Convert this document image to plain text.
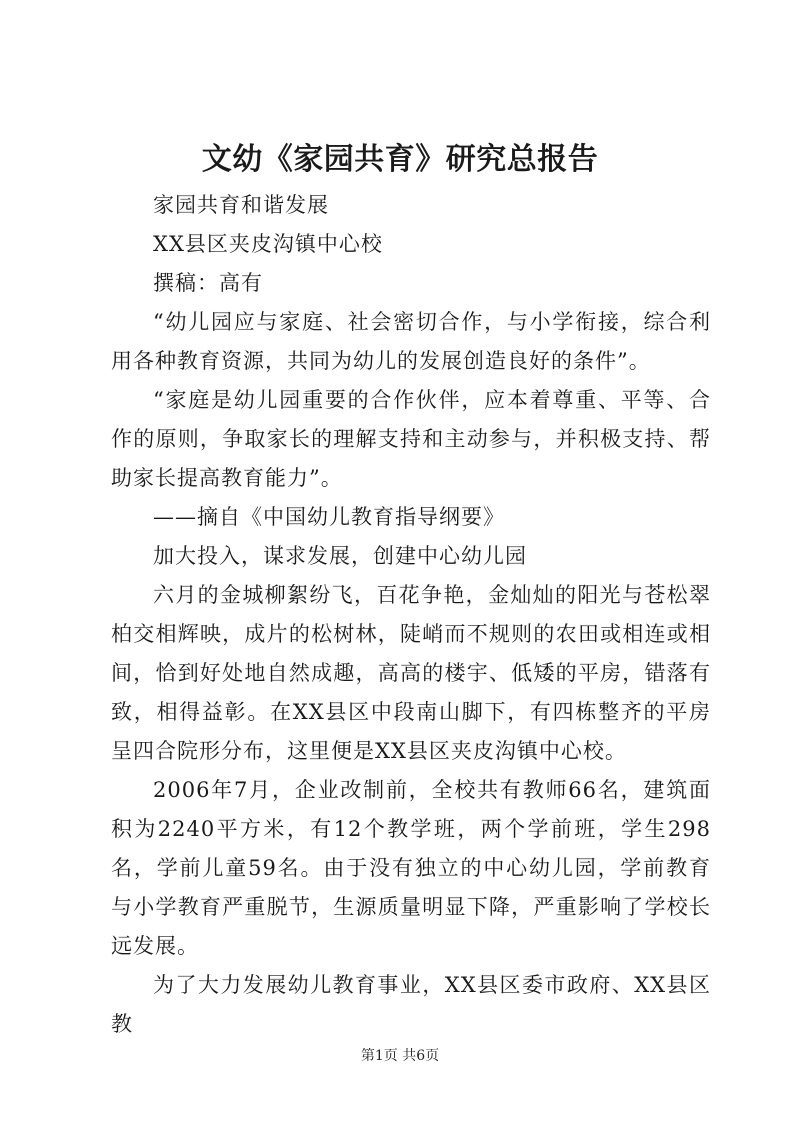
文幼《家园共育》研究总报告

家园共育和谐发展

XX县区夹皮沟镇中心校

撰稿：高有

“幼儿园应与家庭、社会密切合作，与小学衔接，综合利用各种教育资源，共同为幼儿的发展创造良好的条件”。

“家庭是幼儿园重要的合作伙伴，应本着尊重、平等、合作的原则，争取家长的理解支持和主动参与，并积极支持、帮助家长提高教育能力”。

——摘自《中国幼儿教育指导纲要》

加大投入，谋求发展，创建中心幼儿园

六月的金城柳絮纷飞，百花争艳，金灿灿的阳光与苍松翠柏交相辉映，成片的松树林，陡峭而不规则的农田或相连或相间，恰到好处地自然成趣，高高的楼宇、低矮的平房，错落有致，相得益彰。在XX县区中段南山脚下，有四栋整齐的平房呈四合院形分布，这里便是XX县区夹皮沟镇中心校。

2006年7月，企业改制前，全校共有教师66名，建筑面积为2240平方米，有12个教学班，两个学前班，学生298名，学前儿童59名。由于没有独立的中心幼儿园，学前教育与小学教育严重脱节，生源质量明显下降，严重影响了学校长远发展。

为了大力发展幼儿教育事业，XX县区委市政府、XX县区教

第1页 共6页
